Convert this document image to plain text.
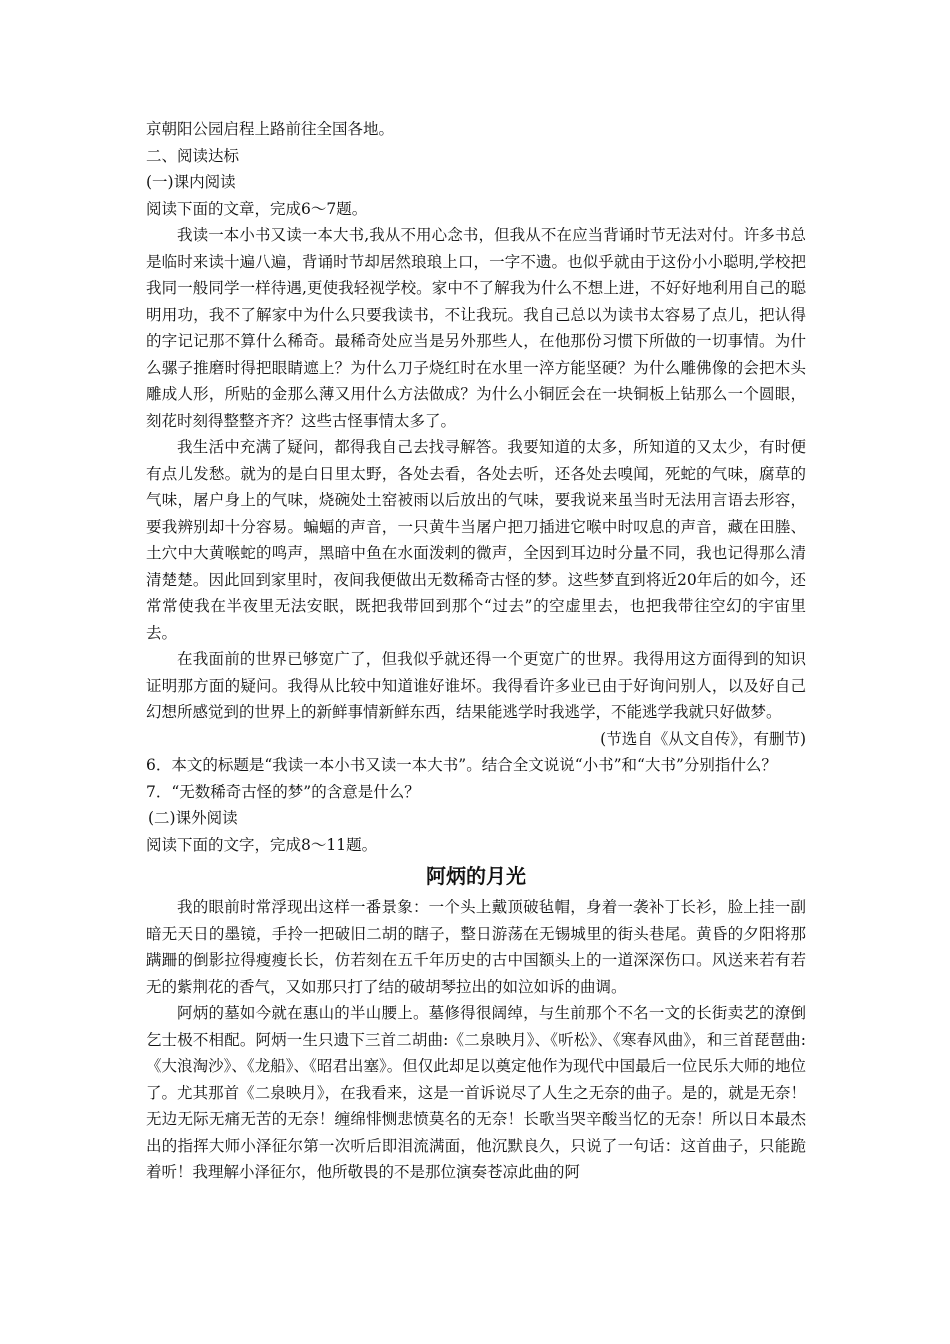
京朝阳公园启程上路前往全国各地。

二、阅读达标

(一)课内阅读

阅读下面的文章，完成6～7题。

我读一本小书又读一本大书,我从不用心念书，但我从不在应当背诵时节无法对付。许多书总是临时来读十遍八遍，背诵时节却居然琅琅上口，一字不遗。也似乎就由于这份小小聪明,学校把我同一般同学一样待遇,更使我轻视学校。家中不了解我为什么不想上进，不好好地利用自己的聪明用功，我不了解家中为什么只要我读书，不让我玩。我自己总以为读书太容易了点儿，把认得的字记记那不算什么稀奇。最稀奇处应当是另外那些人，在他那份习惯下所做的一切事情。为什么骡子推磨时得把眼睛遮上？为什么刀子烧红时在水里一淬方能坚硬？为什么雕佛像的会把木头雕成人形，所贴的金那么薄又用什么方法做成？为什么小铜匠会在一块铜板上钻那么一个圆眼，刻花时刻得整整齐齐？这些古怪事情太多了。

我生活中充满了疑问，都得我自己去找寻解答。我要知道的太多，所知道的又太少，有时便有点儿发愁。就为的是白日里太野，各处去看，各处去听，还各处去嗅闻，死蛇的气味，腐草的气味，屠户身上的气味，烧碗处土窑被雨以后放出的气味，要我说来虽当时无法用言语去形容，要我辨别却十分容易。蝙蝠的声音，一只黄牛当屠户把刀插进它喉中时叹息的声音，藏在田塍、土穴中大黄喉蛇的鸣声，黑暗中鱼在水面泼剌的微声，全因到耳边时分量不同，我也记得那么清清楚楚。因此回到家里时，夜间我便做出无数稀奇古怪的梦。这些梦直到将近20年后的如今，还常常使我在半夜里无法安眠，既把我带回到那个“过去”的空虚里去，也把我带往空幻的宇宙里去。

在我面前的世界已够宽广了，但我似乎就还得一个更宽广的世界。我得用这方面得到的知识证明那方面的疑问。我得从比较中知道谁好谁坏。我得看许多业已由于好询问别人，以及好自己幻想所感觉到的世界上的新鲜事情新鲜东西，结果能逃学时我逃学，不能逃学我就只好做梦。

(节选自《从文自传》，有删节)

6．本文的标题是“我读一本小书又读一本大书”。结合全文说说“小书”和“大书”分别指什么？

7．“无数稀奇古怪的梦”的含意是什么？

(二)课外阅读

阅读下面的文字，完成8～11题。

阿炳的月光

我的眼前时常浮现出这样一番景象：一个头上戴顶破毡帽，身着一袭补丁长衫，脸上挂一副暗无天日的墨镜，手拎一把破旧二胡的瞎子，整日游荡在无锡城里的街头巷尾。黄昏的夕阳将那蹒跚的倒影拉得瘦瘦长长，仿若刻在五千年历史的古中国额头上的一道深深伤口。风送来若有若无的紫荆花的香气，又如那只打了结的破胡琴拉出的如泣如诉的曲调。

阿炳的墓如今就在惠山的半山腰上。墓修得很阔绰，与生前那个不名一文的长街卖艺的潦倒乞士极不相配。阿炳一生只遗下三首二胡曲:《二泉映月》、《听松》、《寒春风曲》，和三首琵琶曲:《大浪淘沙》、《龙船》、《昭君出塞》。但仅此却足以奠定他作为现代中国最后一位民乐大师的地位了。尤其那首《二泉映月》，在我看来，这是一首诉说尽了人生之无奈的曲子。是的，就是无奈！无边无际无痛无苦的无奈！缠绵悱恻悲愤莫名的无奈！长歌当哭辛酸当忆的无奈！所以日本最杰出的指挥大师小泽征尔第一次听后即泪流满面，他沉默良久，只说了一句话：这首曲子，只能跪着听！我理解小泽征尔，他所敬畏的不是那位演奏苍凉此曲的阿
